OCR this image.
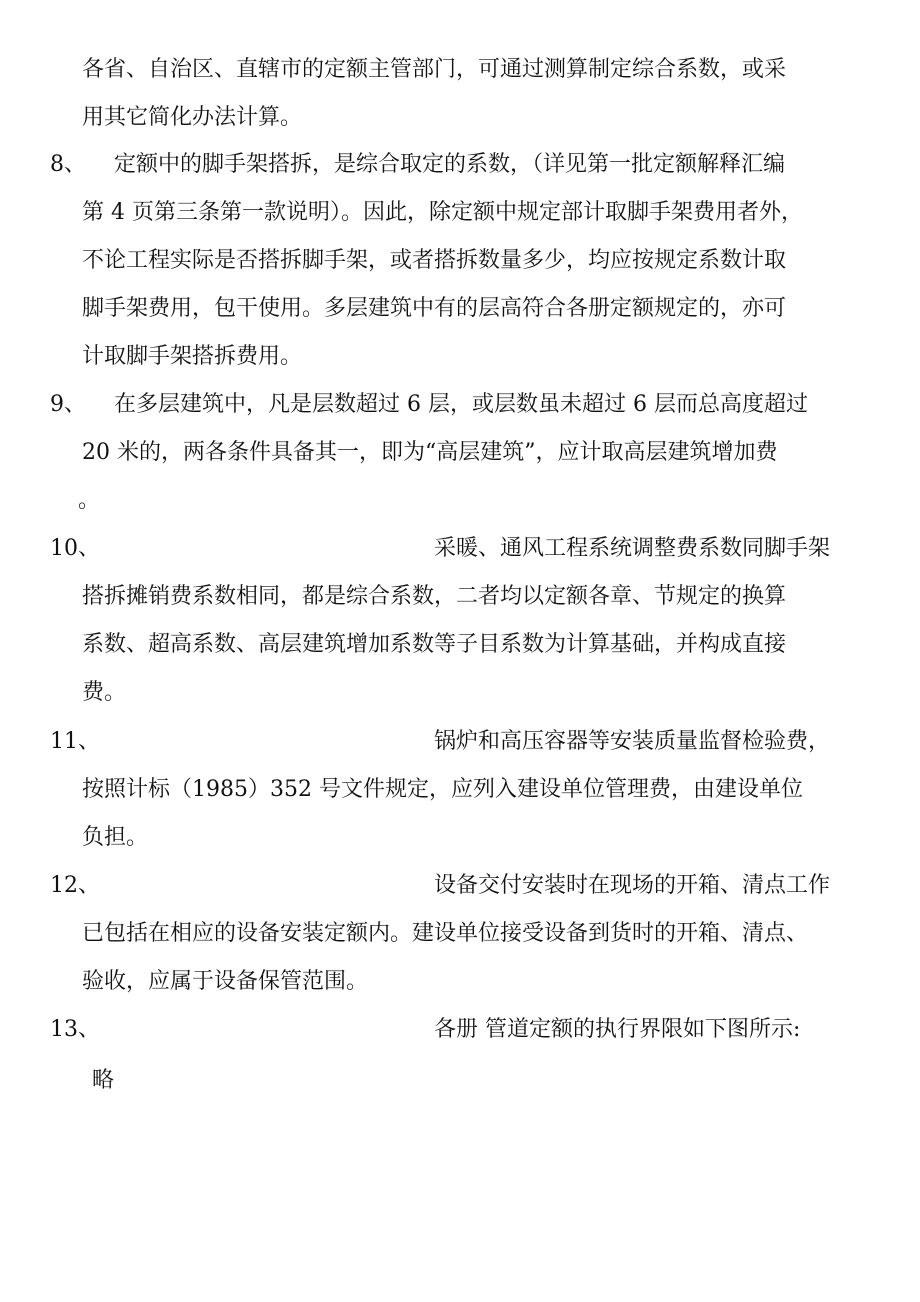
各省、自治区、直辖市的定额主管部门，可通过测算制定综合系数，或采
用其它简化办法计算。
8、 定额中的脚手架搭拆，是综合取定的系数，（详见第一批定额解释汇编
第 4 页第三条第一款说明）。因此，除定额中规定部计取脚手架费用者外，
不论工程实际是否搭拆脚手架，或者搭拆数量多少，均应按规定系数计取
脚手架费用，包干使用。多层建筑中有的层高符合各册定额规定的，亦可
计取脚手架搭拆费用。
9、 在多层建筑中，凡是层数超过 6 层，或层数虽未超过 6 层而总高度超过
20 米的，两各条件具备其一，即为“高层建筑”，应计取高层建筑增加费
。
10、	采暖、通风工程系统调整费系数同脚手架
搭拆摊销费系数相同，都是综合系数，二者均以定额各章、节规定的换算
系数、超高系数、高层建筑增加系数等子目系数为计算基础，并构成直接
费。
11、	锅炉和高压容器等安装质量监督检验费，
按照计标（1985）352 号文件规定，应列入建设单位管理费，由建设单位
负担。
12、	设备交付安装时在现场的开箱、清点工作
已包括在相应的设备安装定额内。建设单位接受设备到货时的开箱、清点、
验收，应属于设备保管范围。
13、	各册 管道定额的执行界限如下图所示:
略
